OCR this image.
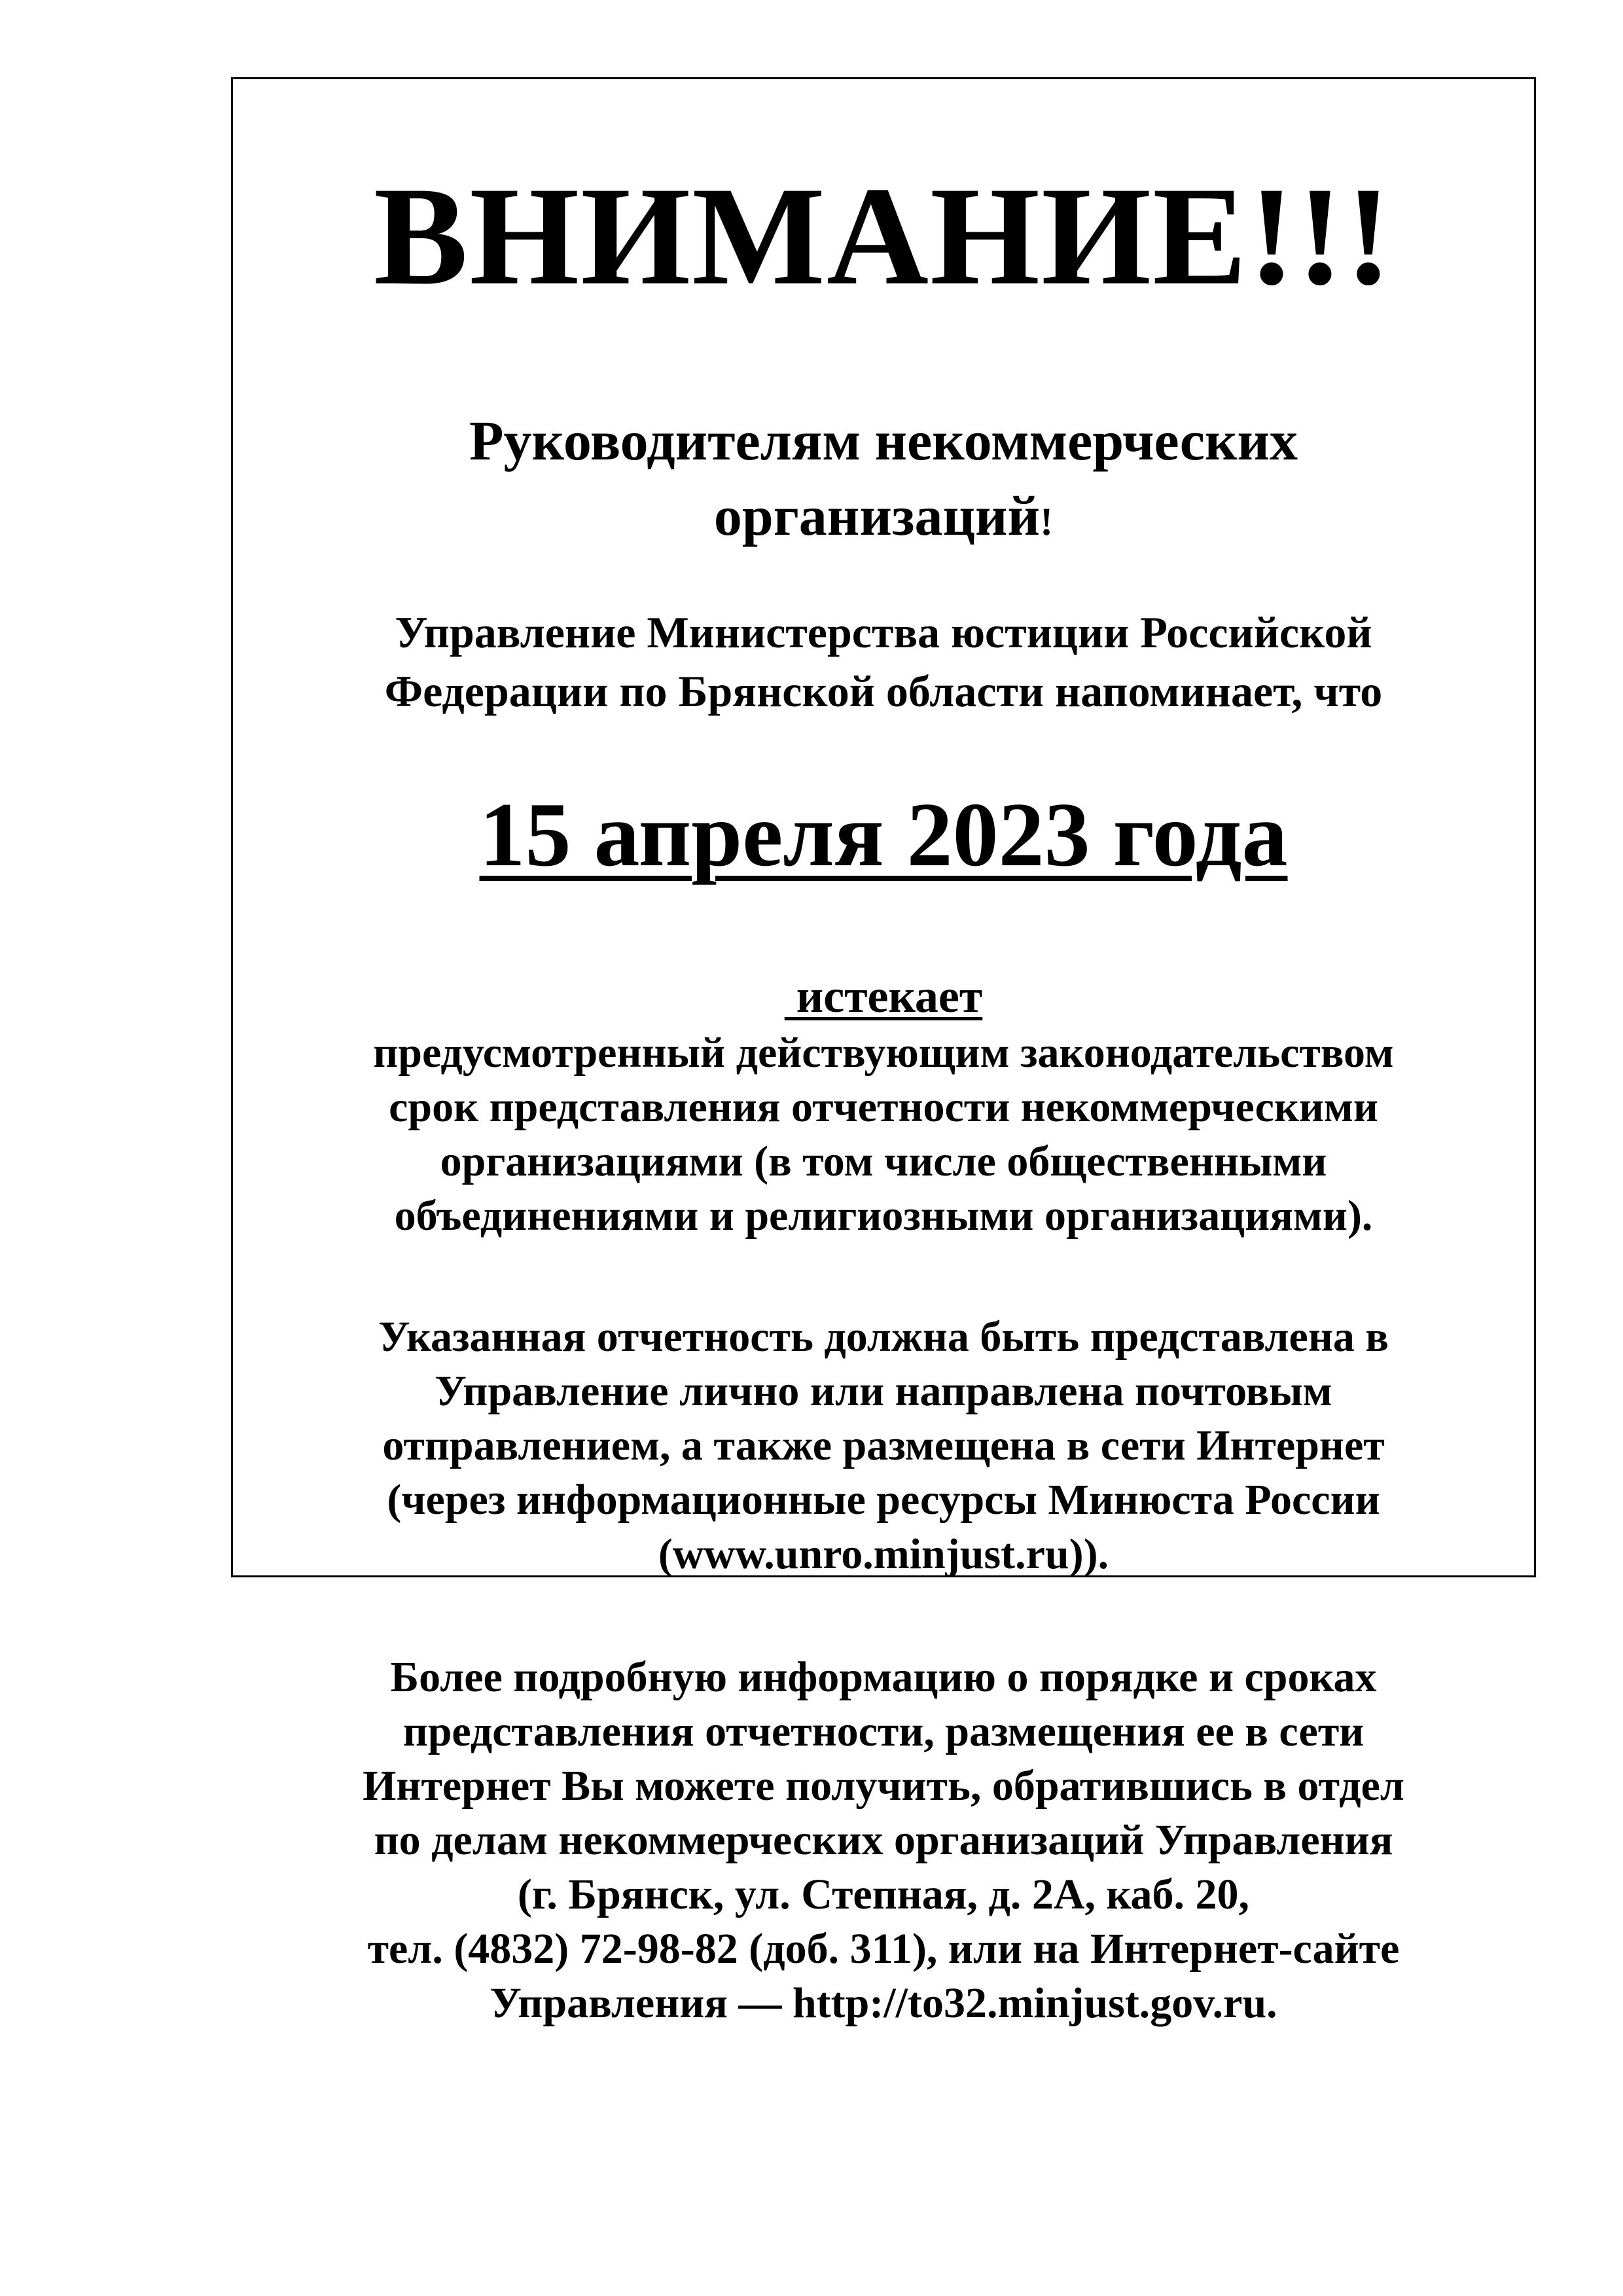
ВНИМАНИЕ!!!
Руководителям некоммерческих
организаций!
Управление Министерства юстиции Российской
Федерации по Брянской области напоминает, что
15 апреля 2023 года
истекает
предусмотренный действующим законодательством
срок представления отчетности некоммерческими
организациями (в том числе общественными
объединениями и религиозными организациями).
Указанная отчетность должна быть представлена в
Управление лично или направлена почтовым
отправлением, а также размещена в сети Интернет
(через информационные ресурсы Минюста России
(www.unro.minjust.ru)).
Более подробную информацию о порядке и сроках
представления отчетности, размещения ее в сети
Интернет Вы можете получить, обратившись в отдел
по делам некоммерческих организаций Управления
(г. Брянск, ул. Степная, д. 2А, каб. 20,
тел. (4832) 72-98-82 (доб. 311), или на Интернет-сайте
Управления — http://to32.minjust.gov.ru.
